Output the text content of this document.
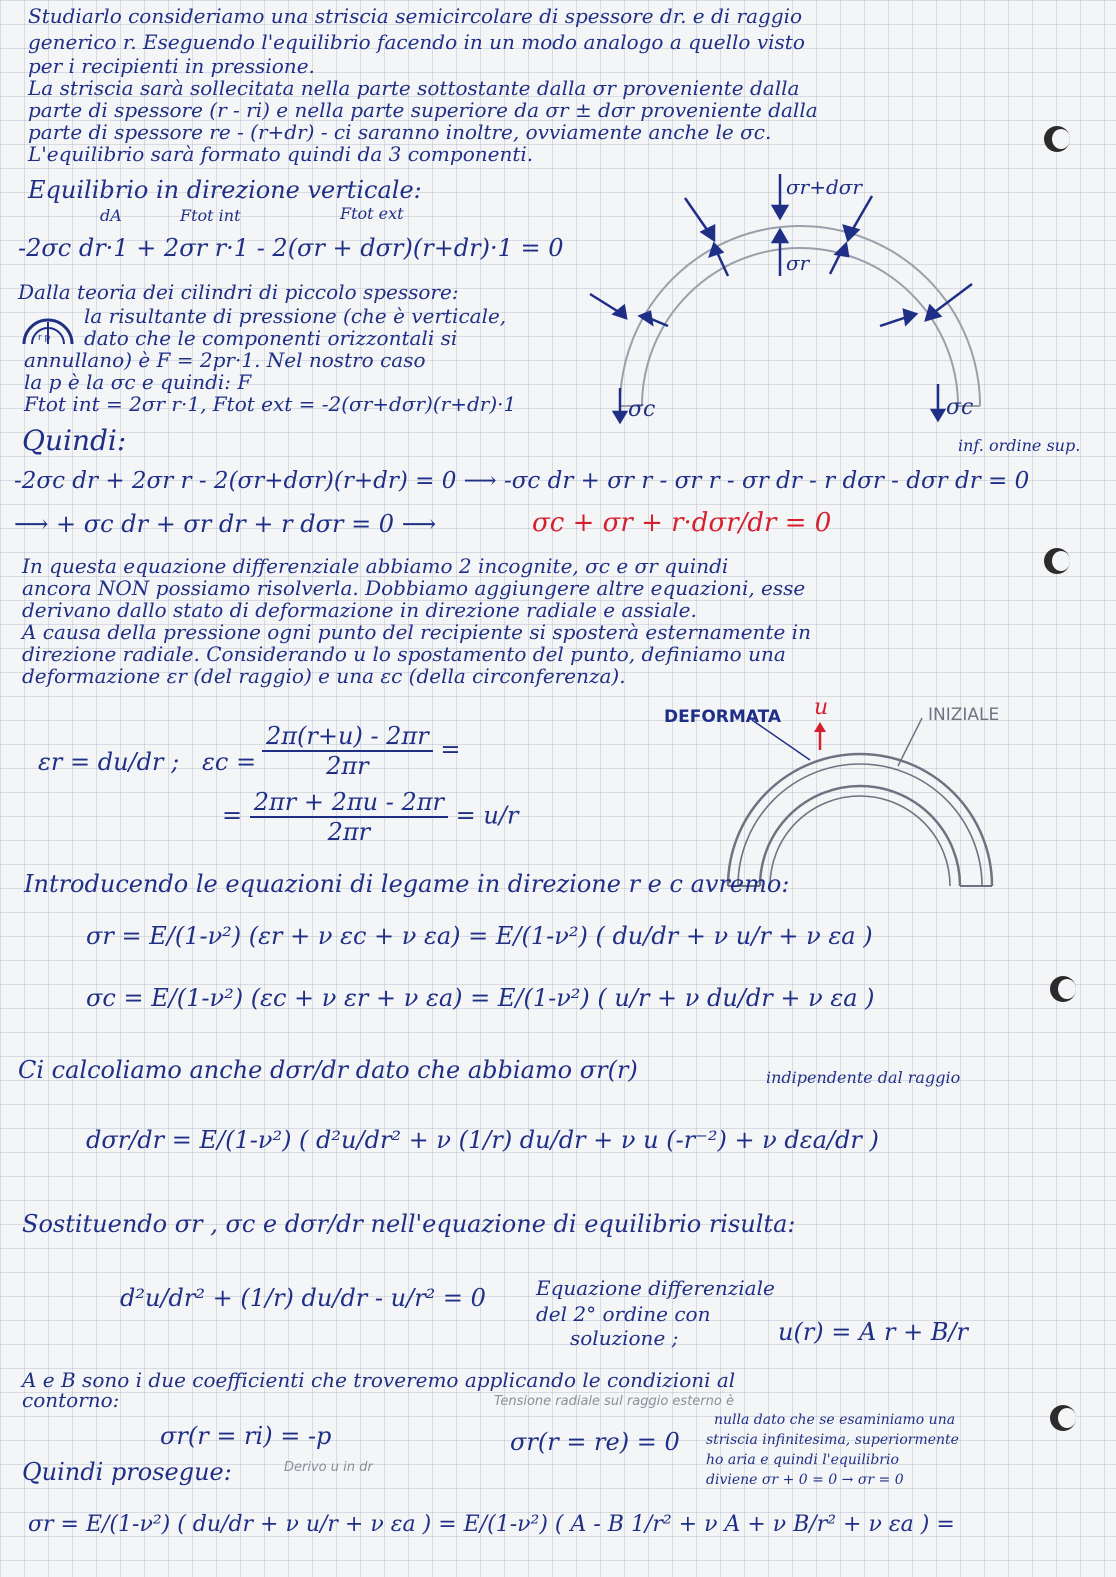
Studiarlo consideriamo una striscia semicircolare di spessore dr. e di raggio
generico r. Eseguendo l'equilibrio facendo in un modo analogo a quello visto
per i recipienti in pressione.
La striscia sarà sollecitata nella parte sottostante dalla σr proveniente dalla
parte di spessore (r - ri) e nella parte superiore da σr ± dσr proveniente dalla
parte di spessore re - (r+dr) - ci saranno inoltre, ovviamente anche le σc.
L'equilibrio sarà formato quindi da 3 componenti.
Equilibrio in direzione verticale:
dA	Ftot int	Ftot ext
-2σc dr·1 + 2σr r·1 - 2(σr + dσr)(r+dr)·1 = 0
Dalla teoria dei cilindri di piccolo spessore:
r p
la risultante di pressione (che è verticale,
dato che le componenti orizzontali si
annullano) è F = 2pr·1. Nel nostro caso
la p è la σc e quindi: F
Ftot int = 2σr r·1, Ftot ext = -2(σr+dσr)(r+dr)·1
σr+dσr
σr
σc	σc
inf. ordine sup.
Quindi:
-2σc dr + 2σr r - 2(σr+dσr)(r+dr) = 0 ⟶ -σc dr + σr r - σr r - σr dr - r dσr - dσr dr = 0
⟶ + σc dr + σr dr + r dσr = 0 ⟶	σc + σr + r·dσr/dr = 0
In questa equazione differenziale abbiamo 2 incognite, σc e σr quindi
ancora NON possiamo risolverla. Dobbiamo aggiungere altre equazioni, esse
derivano dallo stato di deformazione in direzione radiale e assiale.
A causa della pressione ogni punto del recipiente si sposterà esternamente in
direzione radiale. Considerando u lo spostamento del punto, definiamo una
deformazione εr (del raggio) e una εc (della circonferenza).
DEFORMATA u	INIZIALE
εr = du/dr ; $\varepsilon c = \frac{2\pi(r+u) - 2\pi r}{2\pi r}$ =
= $\frac{2\pi r + 2\pi u - 2\pi r}{2\pi r} = u/r$
Introducendo le equazioni di legame in direzione r e c avremo:
σr = E/(1-ν²) (εr + ν εc + ν εa) = E/(1-ν²) ( du/dr + ν u/r + ν εa )
σc = E/(1-ν²) (εc + ν εr + ν εa) = E/(1-ν²) ( u/r + ν du/dr + ν εa )
Ci calcoliamo anche dσr/dr dato che abbiamo σr(r)	indipendente dal raggio
dσr/dr = E/(1-ν²) ( d²u/dr² + ν (1/r) du/dr + ν u (-r⁻²) + ν dεa/dr )
Sostituendo σr , σc e dσr/dr nell'equazione di equilibrio risulta:
d²u/dr² + (1/r) du/dr - u/r² = 0	Equazione differenziale
del 2° ordine con
soluzione ;	u(r) = A r + B/r
A e B sono i due coefficienti che troveremo applicando le condizioni al
contorno:
σr(r = ri) = -p	σr(r = re) = 0
Tensione radiale sul raggio esterno è
nulla dato che se esaminiamo una
striscia infinitesima, superiormente
ho aria e quindi l'equilibrio
diviene σr + 0 = 0 → σr = 0
Quindi prosegue:	Derivo u in dr
σr = E/(1-ν²) ( du/dr + ν u/r + ν εa ) = E/(1-ν²) ( A - B 1/r² + ν A + ν B/r² + ν εa ) =
